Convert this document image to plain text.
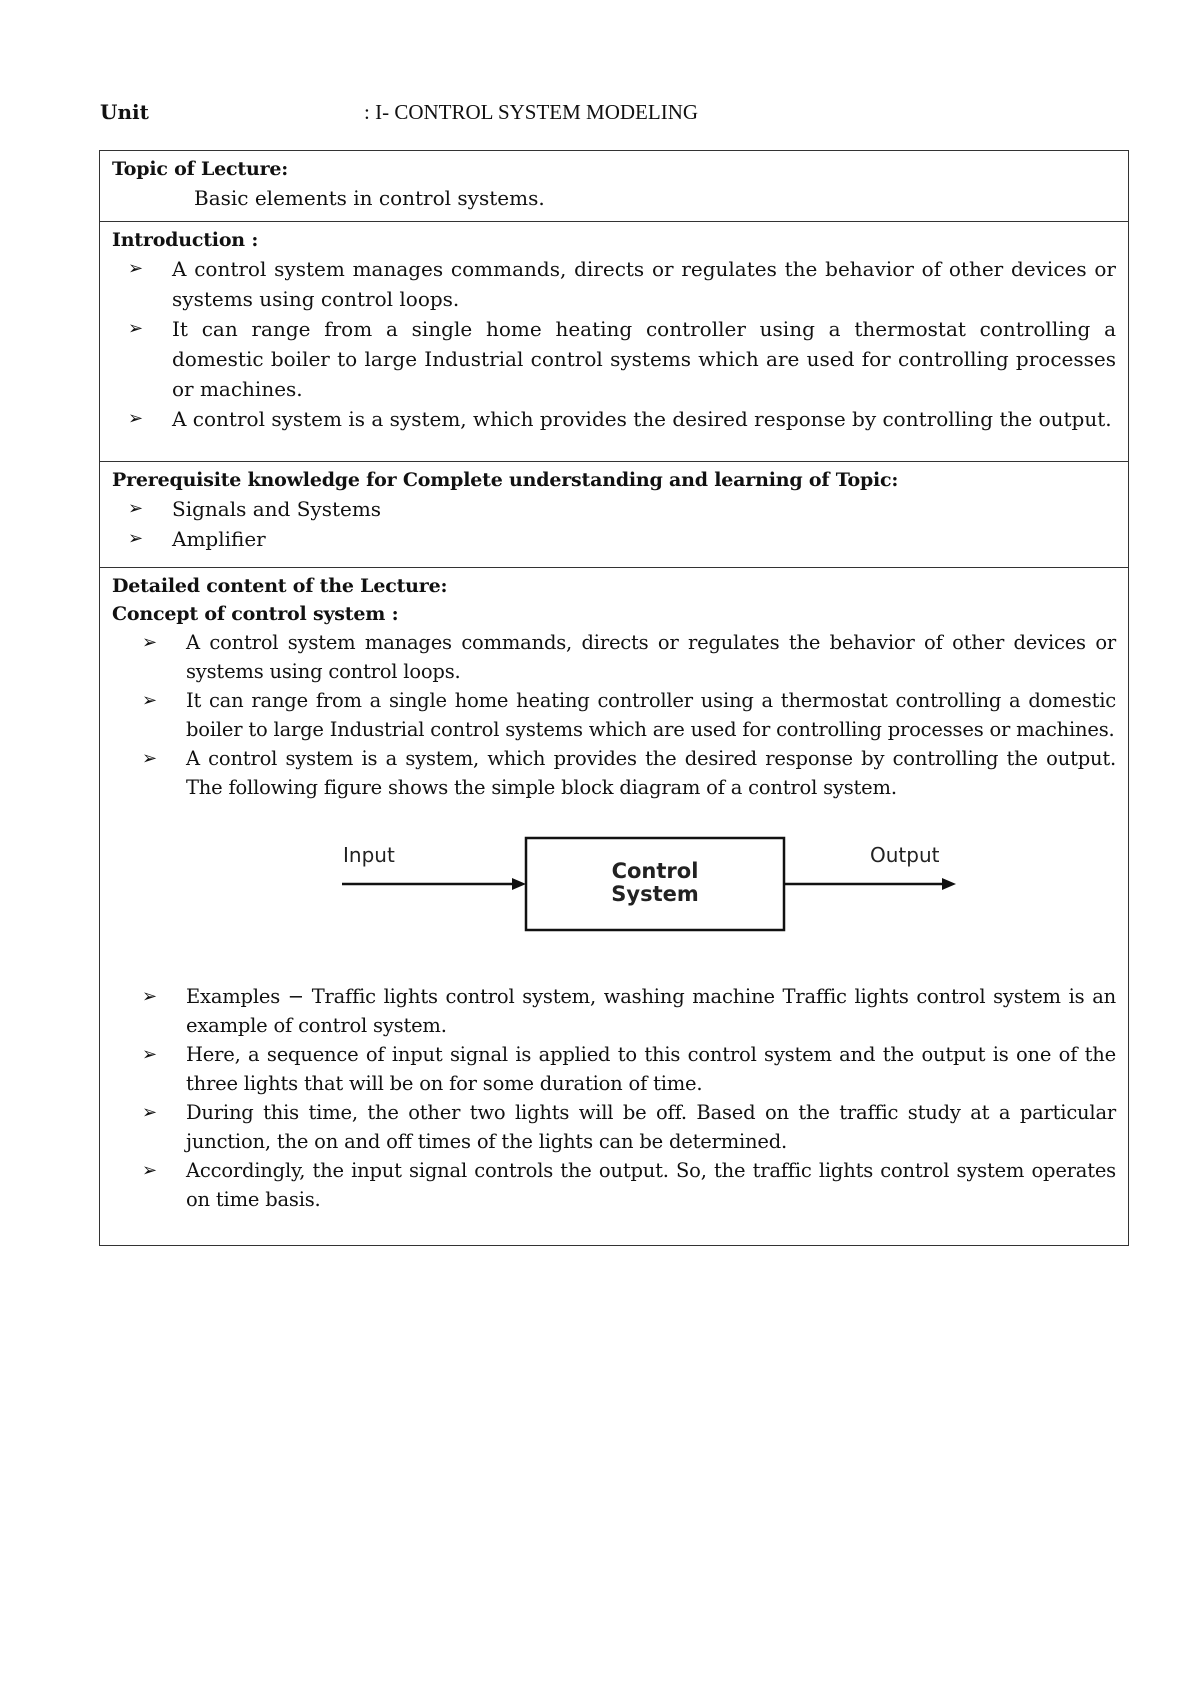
Unit	: I- CONTROL SYSTEM MODELING
Topic of Lecture:
Basic elements in control systems.
Introduction :
➢ A control system manages commands, directs or regulates the behavior of other devices or systems using control loops.
➢ It can range from a single home heating controller using a thermostat controlling a domestic boiler to large Industrial control systems which are used for controlling processes or machines.
➢ A control system is a system, which provides the desired response by controlling the output.
Prerequisite knowledge for Complete understanding and learning of Topic:
➢ Signals and Systems
➢ Amplifier
Detailed content of the Lecture:
Concept of control system :
➢ A control system manages commands, directs or regulates the behavior of other devices or systems using control loops.
➢ It can range from a single home heating controller using a thermostat controlling a domestic boiler to large Industrial control systems which are used for controlling processes or machines.
➢ A control system is a system, which provides the desired response by controlling the output. The following figure shows the simple block diagram of a control system.
Input
Control
System
Output
➢ Examples − Traffic lights control system, washing machine Traffic lights control system is an example of control system.
➢ Here, a sequence of input signal is applied to this control system and the output is one of the three lights that will be on for some duration of time.
➢ During this time, the other two lights will be off. Based on the traffic study at a particular junction, the on and off times of the lights can be determined.
➢ Accordingly, the input signal controls the output. So, the traffic lights control system operates on time basis.
